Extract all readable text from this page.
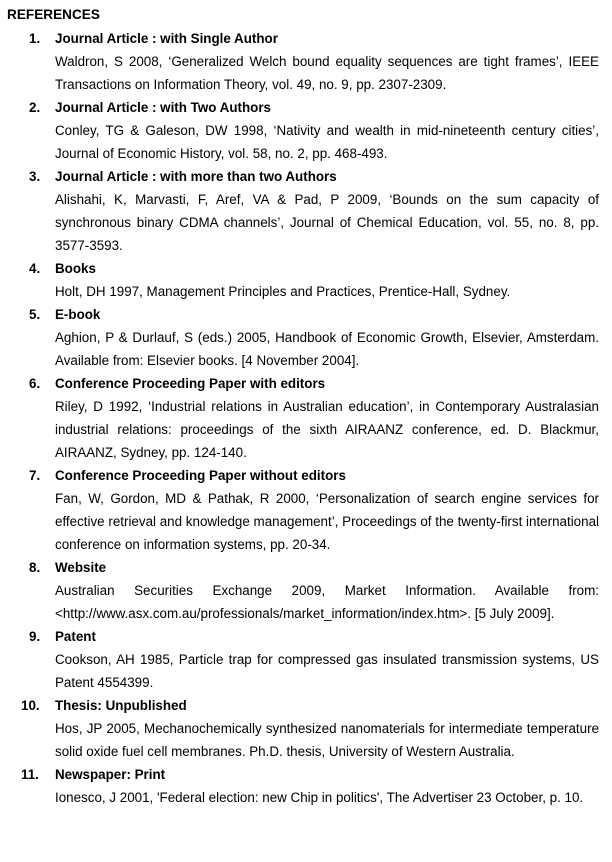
REFERENCES
1.	Journal Article : with Single Author
Waldron, S 2008, ‘Generalized Welch bound equality sequences are tight frames’, IEEE Transactions on Information Theory, vol. 49, no. 9, pp. 2307-2309.
2.	Journal Article : with Two Authors
Conley, TG & Galeson, DW 1998, ‘Nativity and wealth in mid-nineteenth century cities’, Journal of Economic History, vol. 58, no. 2, pp. 468-493.
3.	Journal Article : with more than two Authors
Alishahi, K, Marvasti, F, Aref, VA & Pad, P 2009, ‘Bounds on the sum capacity of synchronous binary CDMA channels’, Journal of Chemical Education, vol. 55, no. 8, pp. 3577-3593.
4.	Books
Holt, DH 1997, Management Principles and Practices, Prentice-Hall, Sydney.
5.	E-book
Aghion, P & Durlauf, S (eds.) 2005, Handbook of Economic Growth, Elsevier, Amsterdam. Available from: Elsevier books. [4 November 2004].
6.	Conference Proceeding Paper with editors
Riley, D 1992, ‘Industrial relations in Australian education’, in Contemporary Australasian industrial relations: proceedings of the sixth AIRAANZ conference, ed. D. Blackmur, AIRAANZ, Sydney, pp. 124-140.
7.	Conference Proceeding Paper without editors
Fan, W, Gordon, MD & Pathak, R 2000, ‘Personalization of search engine services for effective retrieval and knowledge management’, Proceedings of the twenty-first international conference on information systems, pp. 20-34.
8.	Website
Australian Securities Exchange 2009, Market Information. Available from: <http://www.asx.com.au/professionals/market_information/index.htm>. [5 July 2009].
9.	Patent
Cookson, AH 1985, Particle trap for compressed gas insulated transmission systems, US Patent 4554399.
10.	Thesis: Unpublished
Hos, JP 2005, Mechanochemically synthesized nanomaterials for intermediate temperature solid oxide fuel cell membranes. Ph.D. thesis, University of Western Australia.
11.	Newspaper: Print
Ionesco, J 2001, 'Federal election: new Chip in politics', The Advertiser 23 October, p. 10.
